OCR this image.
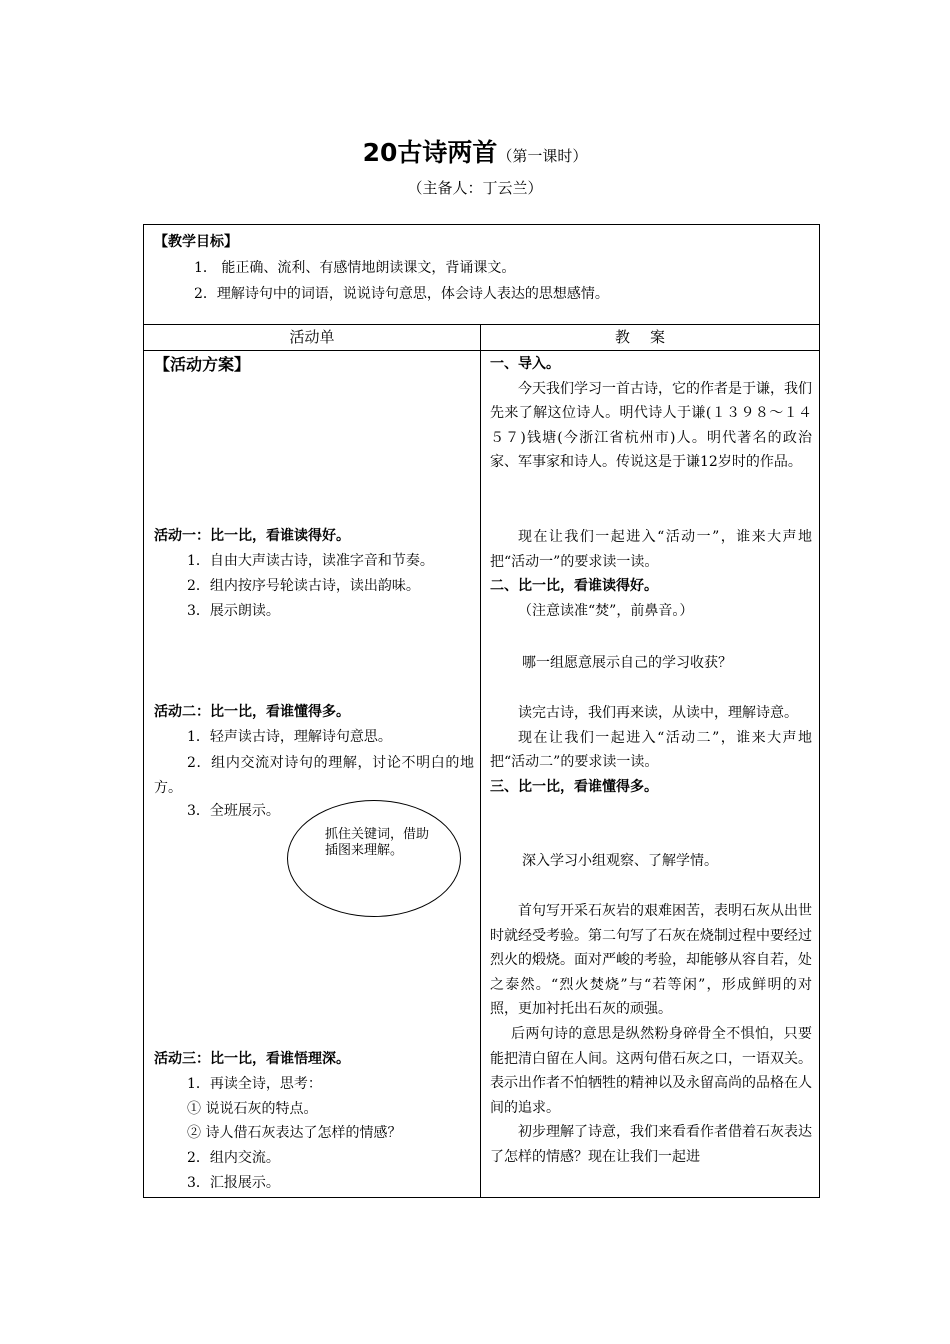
20古诗两首（第一课时）
（主备人：丁云兰）
【教学目标】
1． 能正确、流利、有感情地朗读课文，背诵课文。
2．理解诗句中的词语，说说诗句意思，体会诗人表达的思想感情。
活动单	教案
【活动方案】
活动一：比一比，看谁读得好。
1．自由大声读古诗，读准字音和节奏。
2．组内按序号轮读古诗，读出韵味。
3．展示朗读。
活动二：比一比，看谁懂得多。
1．轻声读古诗，理解诗句意思。
2．组内交流对诗句的理解，讨论不明白的地方。
3．全班展示。
抓住关键词，借助插图来理解。
活动三：比一比，看谁悟理深。
1．再读全诗，思考：
① 说说石灰的特点。
② 诗人借石灰表达了怎样的情感？
2．组内交流。
3．汇报展示。
一、导入。
今天我们学习一首古诗，它的作者是于谦，我们先来了解这位诗人。明代诗人于谦(１３９８～１４５７)钱塘(今浙江省杭州市)人。明代著名的政治家、军事家和诗人。传说这是于谦12岁时的作品。
现在让我们一起进入“活动一”，谁来大声地把“活动一”的要求读一读。
二、比一比，看谁读得好。
（注意读准“焚”，前鼻音。）
哪一组愿意展示自己的学习收获？
读完古诗，我们再来读，从读中，理解诗意。
现在让我们一起进入“活动二”，谁来大声地把“活动二”的要求读一读。
三、比一比，看谁懂得多。
深入学习小组观察、了解学情。
首句写开采石灰岩的艰难困苦，表明石灰从出世时就经受考验。第二句写了石灰在烧制过程中要经过烈火的煅烧。面对严峻的考验，却能够从容自若，处之泰然。“烈火焚烧”与“若等闲”，形成鲜明的对照，更加衬托出石灰的顽强。
后两句诗的意思是纵然粉身碎骨全不惧怕，只要能把清白留在人间。这两句借石灰之口，一语双关。表示出作者不怕牺牲的精神以及永留高尚的品格在人间的追求。
初步理解了诗意，我们来看看作者借着石灰表达了怎样的情感？现在让我们一起进
